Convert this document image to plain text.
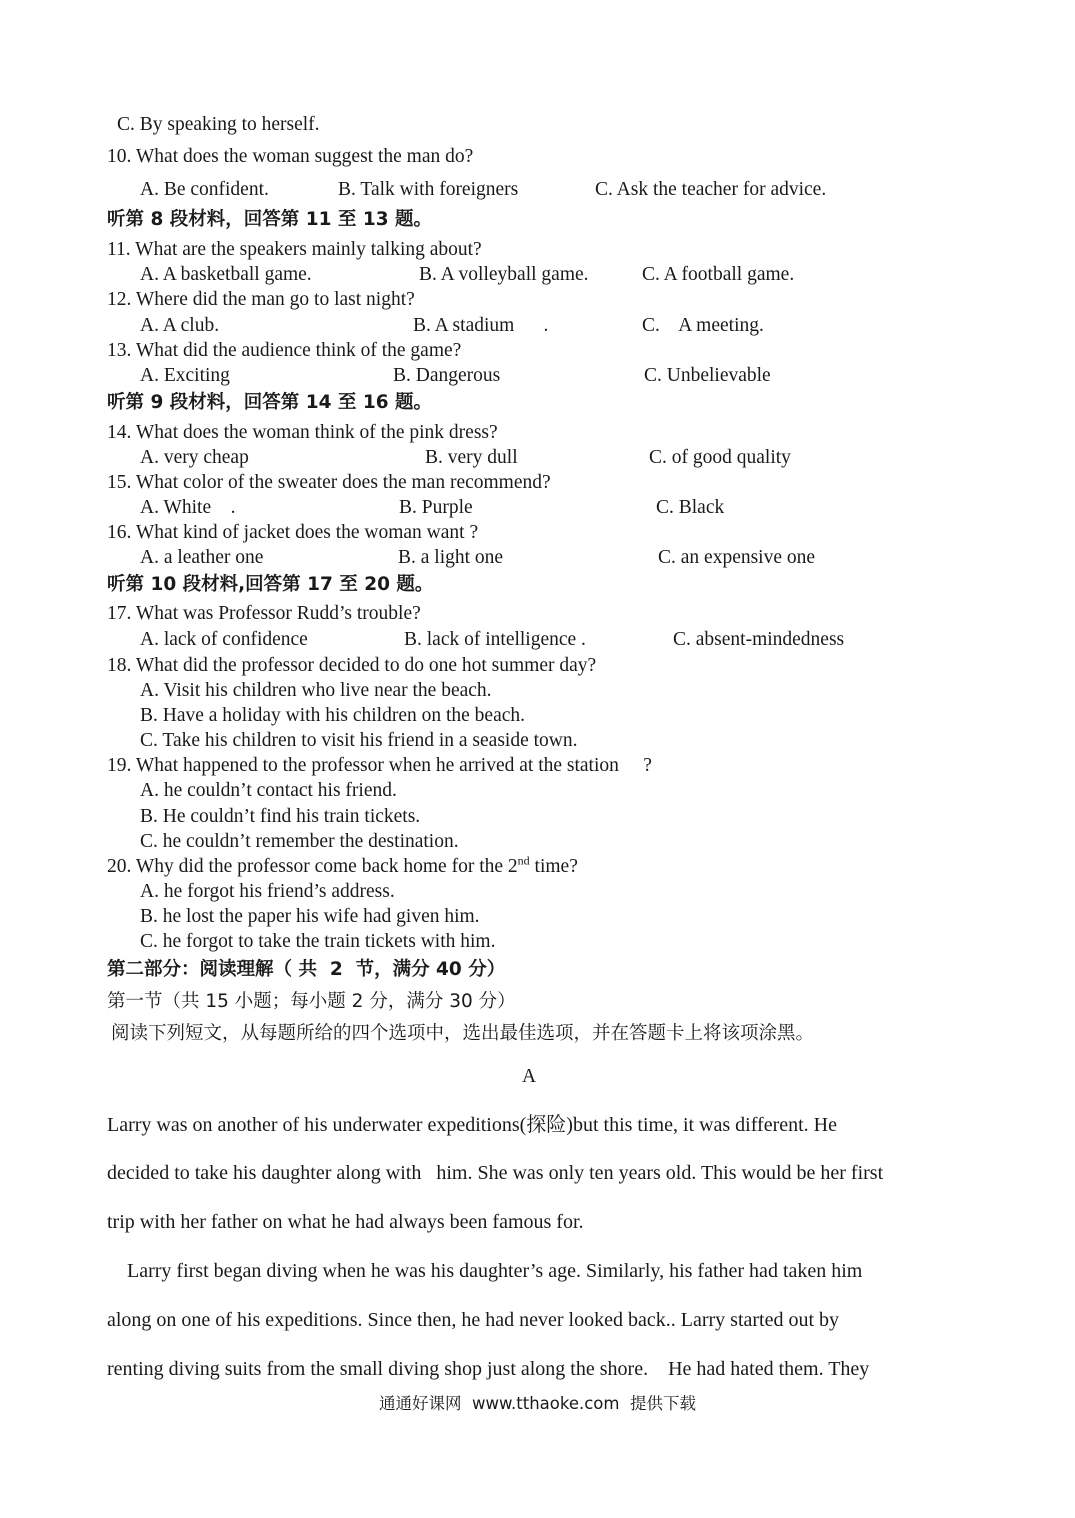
C. By speaking to herself.
10. What does the woman suggest the man do?
A. Be confident.	B. Talk with foreigners	C. Ask the teacher for advice.
听第 8 段材料，回答第 11 至 13 题。
11. What are the speakers mainly talking about?
A. A basketball game.	B. A volleyball game.	C. A football game.
12. Where did the man go to last night?
A. A club.	B. A stadium      .	C.    A meeting.
13. What did the audience think of the game?
A. Exciting	B. Dangerous	C. Unbelievable
听第 9 段材料，回答第 14 至 16 题。
14. What does the woman think of the pink dress?
A. very cheap	B. very dull	C. of good quality
15. What color of the sweater does the man recommend?
A. White    .	B. Purple	C. Black
16. What kind of jacket does the woman want ?
A. a leather one	B. a light one	C. an expensive one
听第 10 段材料,回答第 17 至 20 题。
17. What was Professor Rudd’s trouble?
A. lack of confidence	B. lack of intelligence .	C. absent-mindedness
18. What did the professor decided to do one hot summer day?
A. Visit his children who live near the beach.
B. Have a holiday with his children on the beach.
C. Take his children to visit his friend in a seaside town.
19. What happened to the professor when he arrived at the station     ?
A. he couldn’t contact his friend.
B. He couldn’t find his train tickets.
C. he couldn’t remember the destination.
20. Why did the professor come back home for the 2nd time?
A. he forgot his friend’s address.
B. he lost the paper his wife had given him.
C. he forgot to take the train tickets with him.
第二部分：阅读理解（ 共  2  节，满分 40 分）
第一节（共 15 小题；每小题 2 分，满分 30 分）
阅读下列短文，从每题所给的四个选项中，选出最佳选项，并在答题卡上将该项涂黑。
A
Larry was on another of his underwater expeditions(探险)but this time, it was different. He
decided to take his daughter along with   him. She was only ten years old. This would be her first
trip with her father on what he had always been famous for.
Larry first began diving when he was his daughter’s age. Similarly, his father had taken him
along on one of his expeditions. Since then, he had never looked back.. Larry started out by
renting diving suits from the small diving shop just along the shore.    He had hated them. They
通通好课网  www.tthaoke.com  提供下载
